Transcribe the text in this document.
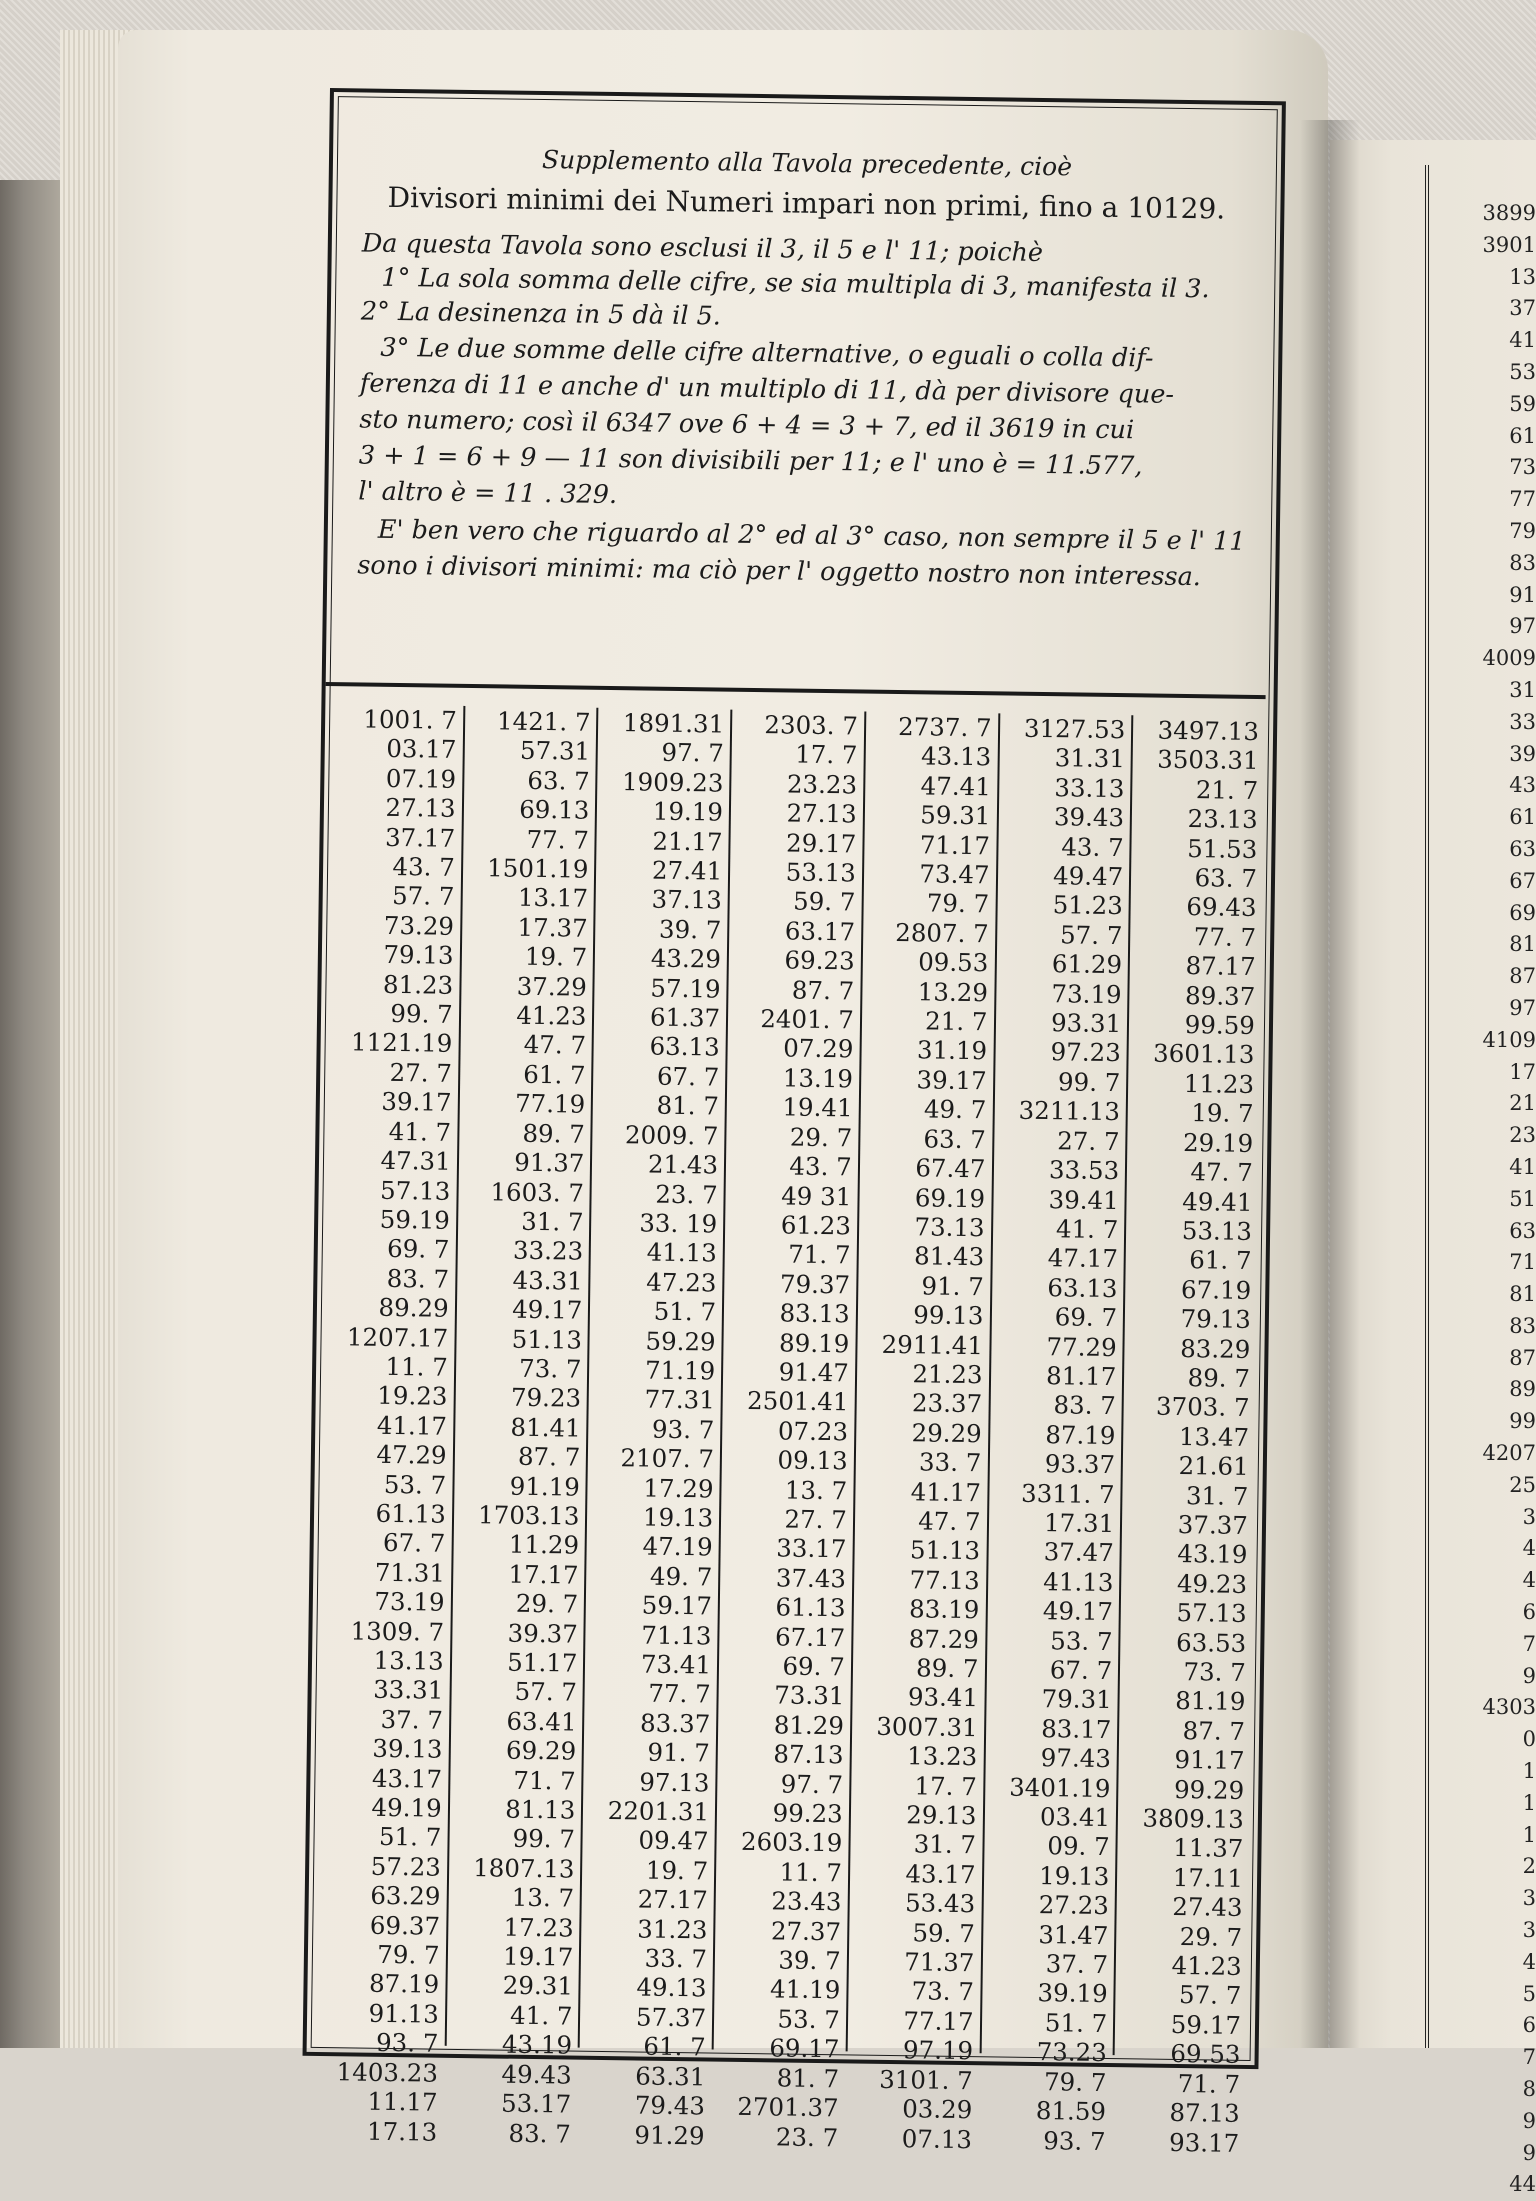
3899
3901
13
37
41
53
59
61
73
77
79
83
91
97
4009
31
33
39
43
61
63
67
69
81
87
97
4109
17
21
23
41
51
63
71
81
83
87
89
99
4207
25
3
4
4
6
7
9
4303
0
1
1
1
2
3
3
4
5
6
7
8
9
9
44
Supplemento alla Tavola precedente, cioè
Divisori minimi dei Numeri impari non primi, fino a 10129.
Da questa Tavola sono esclusi il 3, il 5 e l' 11; poichè
1° La sola somma delle cifre, se sia multipla di 3, manifesta il 3.
2° La desinenza in 5 dà il 5.
3° Le due somme delle cifre alternative, o eguali o colla dif-
ferenza di 11 e anche d' un multiplo di 11, dà per divisore que-
sto numero; così il 6347 ove 6 + 4 = 3 + 7, ed il 3619 in cui
3 + 1 = 6 + 9 — 11 son divisibili per 11; e l' uno è = 11.577,
l' altro è = 11 . 329.
E' ben vero che riguardo al 2° ed al 3° caso, non sempre il 5 e l' 11
sono i divisori minimi: ma ciò per l' oggetto nostro non interessa.
1001. 7
03.17
07.19
27.13
37.17
43. 7
57. 7
73.29
79.13
81.23
99. 7
1121.19
27. 7
39.17
41. 7
47.31
57.13
59.19
69. 7
83. 7
89.29
1207.17
11. 7
19.23
41.17
47.29
53. 7
61.13
67. 7
71.31
73.19
1309. 7
13.13
33.31
37. 7
39.13
43.17
49.19
51. 7
57.23
63.29
69.37
79. 7
87.19
91.13
93. 7
1403.23
11.17
17.13
1421. 7
57.31
63. 7
69.13
77. 7
1501.19
13.17
17.37
19. 7
37.29
41.23
47. 7
61. 7
77.19
89. 7
91.37
1603. 7
31. 7
33.23
43.31
49.17
51.13
73. 7
79.23
81.41
87. 7
91.19
1703.13
11.29
17.17
29. 7
39.37
51.17
57. 7
63.41
69.29
71. 7
81.13
99. 7
1807.13
13. 7
17.23
19.17
29.31
41. 7
43.19
49.43
53.17
83. 7
1891.31
97. 7
1909.23
19.19
21.17
27.41
37.13
39. 7
43.29
57.19
61.37
63.13
67. 7
81. 7
2009. 7
21.43
23. 7
33. 19
41.13
47.23
51. 7
59.29
71.19
77.31
93. 7
2107. 7
17.29
19.13
47.19
49. 7
59.17
71.13
73.41
77. 7
83.37
91. 7
97.13
2201.31
09.47
19. 7
27.17
31.23
33. 7
49.13
57.37
61. 7
63.31
79.43
91.29
2303. 7
17. 7
23.23
27.13
29.17
53.13
59. 7
63.17
69.23
87. 7
2401. 7
07.29
13.19
19.41
29. 7
43. 7
49 31
61.23
71. 7
79.37
83.13
89.19
91.47
2501.41
07.23
09.13
13. 7
27. 7
33.17
37.43
61.13
67.17
69. 7
73.31
81.29
87.13
97. 7
99.23
2603.19
11. 7
23.43
27.37
39. 7
41.19
53. 7
69.17
81. 7
2701.37
23. 7
2737. 7
43.13
47.41
59.31
71.17
73.47
79. 7
2807. 7
09.53
13.29
21. 7
31.19
39.17
49. 7
63. 7
67.47
69.19
73.13
81.43
91. 7
99.13
2911.41
21.23
23.37
29.29
33. 7
41.17
47. 7
51.13
77.13
83.19
87.29
89. 7
93.41
3007.31
13.23
17. 7
29.13
31. 7
43.17
53.43
59. 7
71.37
73. 7
77.17
97.19
3101. 7
03.29
07.13
3127.53
31.31
33.13
39.43
43. 7
49.47
51.23
57. 7
61.29
73.19
93.31
97.23
99. 7
3211.13
27. 7
33.53
39.41
41. 7
47.17
63.13
69. 7
77.29
81.17
83. 7
87.19
93.37
3311. 7
17.31
37.47
41.13
49.17
53. 7
67. 7
79.31
83.17
97.43
3401.19
03.41
09. 7
19.13
27.23
31.47
37. 7
39.19
51. 7
73.23
79. 7
81.59
93. 7
3497.13
3503.31
21. 7
23.13
51.53
63. 7
69.43
77. 7
87.17
89.37
99.59
3601.13
11.23
19. 7
29.19
47. 7
49.41
53.13
61. 7
67.19
79.13
83.29
89. 7
3703. 7
13.47
21.61
31. 7
37.37
43.19
49.23
57.13
63.53
73. 7
81.19
87. 7
91.17
99.29
3809.13
11.37
17.11
27.43
29. 7
41.23
57. 7
59.17
69.53
71. 7
87.13
93.17
